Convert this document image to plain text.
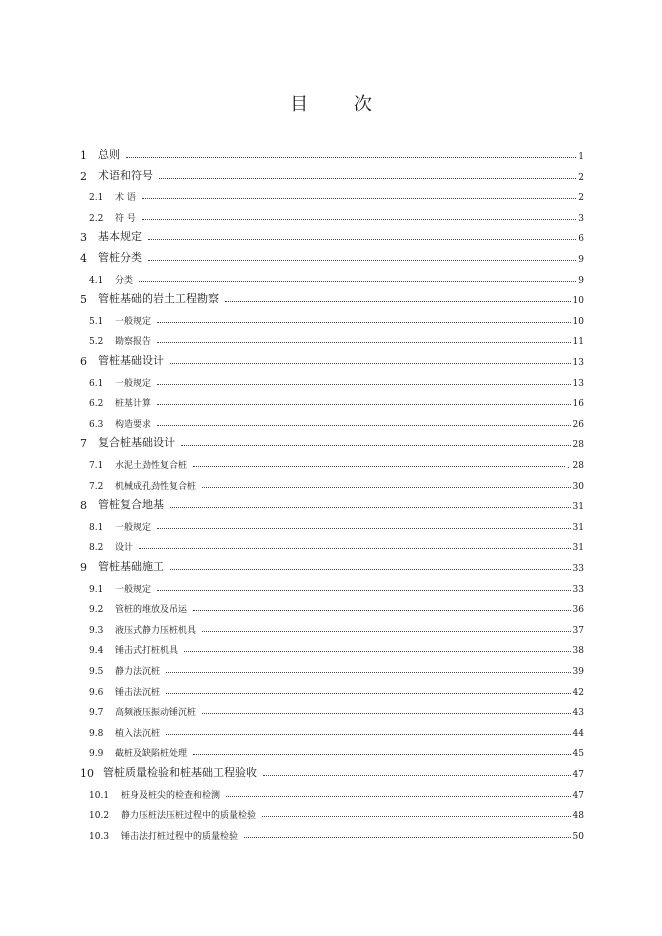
目 次
1	总则	1
2	术语和符号	2
2.1	术 语	2
2.2	符 号	3
3	基本规定	6
4	管桩分类	9
4.1	分类	9
5	管桩基础的岩土工程勘察	10
5.1	一般规定	10
5.2	勘察报告	11
6	管桩基础设计	13
6.1	一般规定	13
6.2	桩基计算	16
6.3	构造要求	26
7	复合桩基础设计	28
7.1	水泥土劲性复合桩	. 28
7.2	机械成孔劲性复合桩	30
8	管桩复合地基	31
8.1	一般规定	31
8.2	设计	31
9	管桩基础施工	33
9.1	一般规定	33
9.2	管桩的堆放及吊运	36
9.3	液压式静力压桩机具	37
9.4	锤击式打桩机具	38
9.5	静力法沉桩	39
9.6	锤击法沉桩	42
9.7	高频液压振动锤沉桩	43
9.8	植入法沉桩	44
9.9	截桩及缺陷桩处理	45
10 管桩质量检验和桩基础工程验收	47
10.1	桩身及桩尖的检查和检测	47
10.2	静力压桩法压桩过程中的质量检验	48
10.3	锤击法打桩过程中的质量检验	50
